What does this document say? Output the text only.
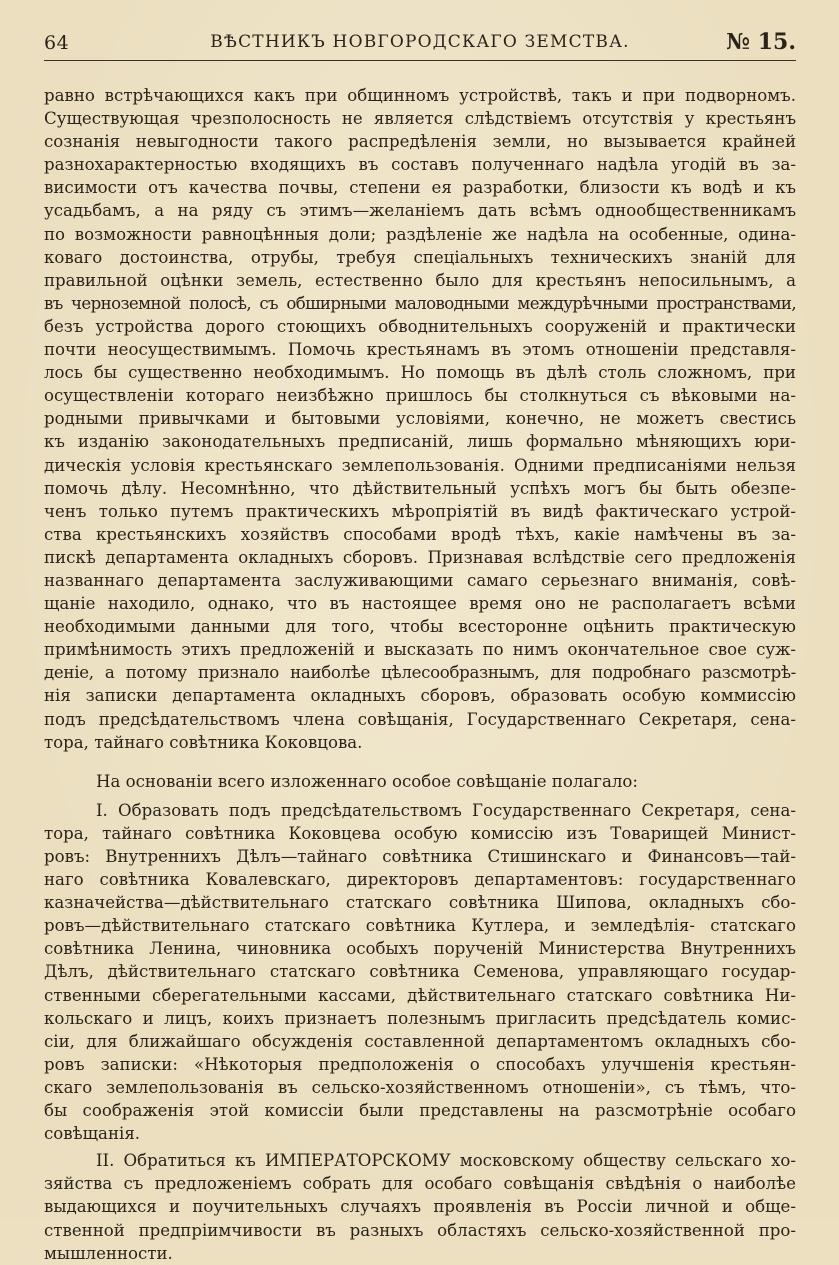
64	ВѢСТНИКЪ НОВГОРОДСКАГО ЗЕМСТВА.	№ 15.
равно встрѣчающихся какъ при общинномъ устройствѣ, такъ и при подворномъ.
Существующая чрезполосность не является слѣдствіемъ отсутствія у крестьянъ
сознанія невыгодности такого распредѣленія земли, но вызывается крайней
разнохарактерностью входящихъ въ составъ полученнаго надѣла угодій въ за-
висимости отъ качества почвы, степени ея разработки, близости къ водѣ и къ
усадьбамъ, а на ряду съ этимъ—желаніемъ дать всѣмъ однообщественникамъ
по возможности равноцѣнныя доли; раздѣленіе же надѣла на особенные, одина-
коваго достоинства, отрубы, требуя спеціальныхъ техническихъ знаній для
правильной оцѣнки земель, естественно было для крестьянъ непосильнымъ, а
въ черноземной полосѣ, съ обширными маловодными междурѣчными пространствами,
безъ устройства дорого стоющихъ обводнительныхъ сооруженій и практически
почти неосуществимымъ. Помочь крестьянамъ въ этомъ отношеніи представля-
лось бы существенно необходимымъ. Но помощь въ дѣлѣ столь сложномъ, при
осуществленіи котораго неизбѣжно пришлось бы столкнуться съ вѣковыми на-
родными привычками и бытовыми условіями, конечно, не можетъ свестись
къ изданію законодательныхъ предписаній, лишь формально мѣняющихъ юри-
дическія условія крестьянскаго землепользованія. Одними предписаніями нельзя
помочь дѣлу. Несомнѣнно, что дѣйствительный успѣхъ могъ бы быть обезпе-
ченъ только путемъ практическихъ мѣропріятій въ видѣ фактическаго устрой-
ства крестьянскихъ хозяйствъ способами вродѣ тѣхъ, какіе намѣчены въ за-
пискѣ департамента окладныхъ сборовъ. Признавая вслѣдствіе сего предложенія
названнаго департамента заслуживающими самаго серьезнаго вниманія, совѣ-
щаніе находило, однако, что въ настоящее время оно не располагаетъ всѣми
необходимыми данными для того, чтобы всесторонне оцѣнить практическую
примѣнимость этихъ предложеній и высказать по нимъ окончательное свое суж-
деніе, а потому признало наиболѣе цѣлесообразнымъ, для подробнаго разсмотрѣ-
нія записки департамента окладныхъ сборовъ, образовать особую коммиссію
подъ предсѣдательствомъ члена совѣщанія, Государственнаго Секретаря, сена-
тора, тайнаго совѣтника Коковцова.
На основаніи всего изложеннаго особое совѣщаніе полагало:
I. Образовать подъ предсѣдательствомъ Государственнаго Секретаря, сена-
тора, тайнаго совѣтника Коковцева особую комиссію изъ Товарищей Минист-
ровъ: Внутреннихъ Дѣлъ—тайнаго совѣтника Стишинскаго и Финансовъ—тай-
наго совѣтника Ковалевскаго, директоровъ департаментовъ: государственнаго
казначейства—дѣйствительнаго статскаго совѣтника Шипова, окладныхъ сбо-
ровъ—дѣйствительнаго статскаго совѣтника Кутлера, и земледѣлія- статскаго
совѣтника Ленина, чиновника особыхъ порученій Министерства Внутреннихъ
Дѣлъ, дѣйствительнаго статскаго совѣтника Семенова, управляющаго государ-
ственными сберегательными кассами, дѣйствительнаго статскаго совѣтника Ни-
кольскаго и лицъ, коихъ признаетъ полезнымъ пригласить предсѣдатель комис-
сіи, для ближайшаго обсужденія составленной департаментомъ окладныхъ сбо-
ровъ записки: «Нѣкоторыя предположенія о способахъ улучшенія крестьян-
скаго землепользованія въ сельско-хозяйственномъ отношеніи», съ тѣмъ, что-
бы соображенія этой комиссіи были представлены на разсмотрѣніе особаго
совѣщанія.
II. Обратиться къ ИМПЕРАТОРСКОМУ московскому обществу сельскаго хо-
зяйства съ предложеніемъ собрать для особаго совѣщанія свѣдѣнія о наиболѣе
выдающихся и поучительныхъ случаяхъ проявленія въ Россіи личной и обще-
ственной предпріимчивости въ разныхъ областяхъ сельско-хозяйственной про-
мышленности.
